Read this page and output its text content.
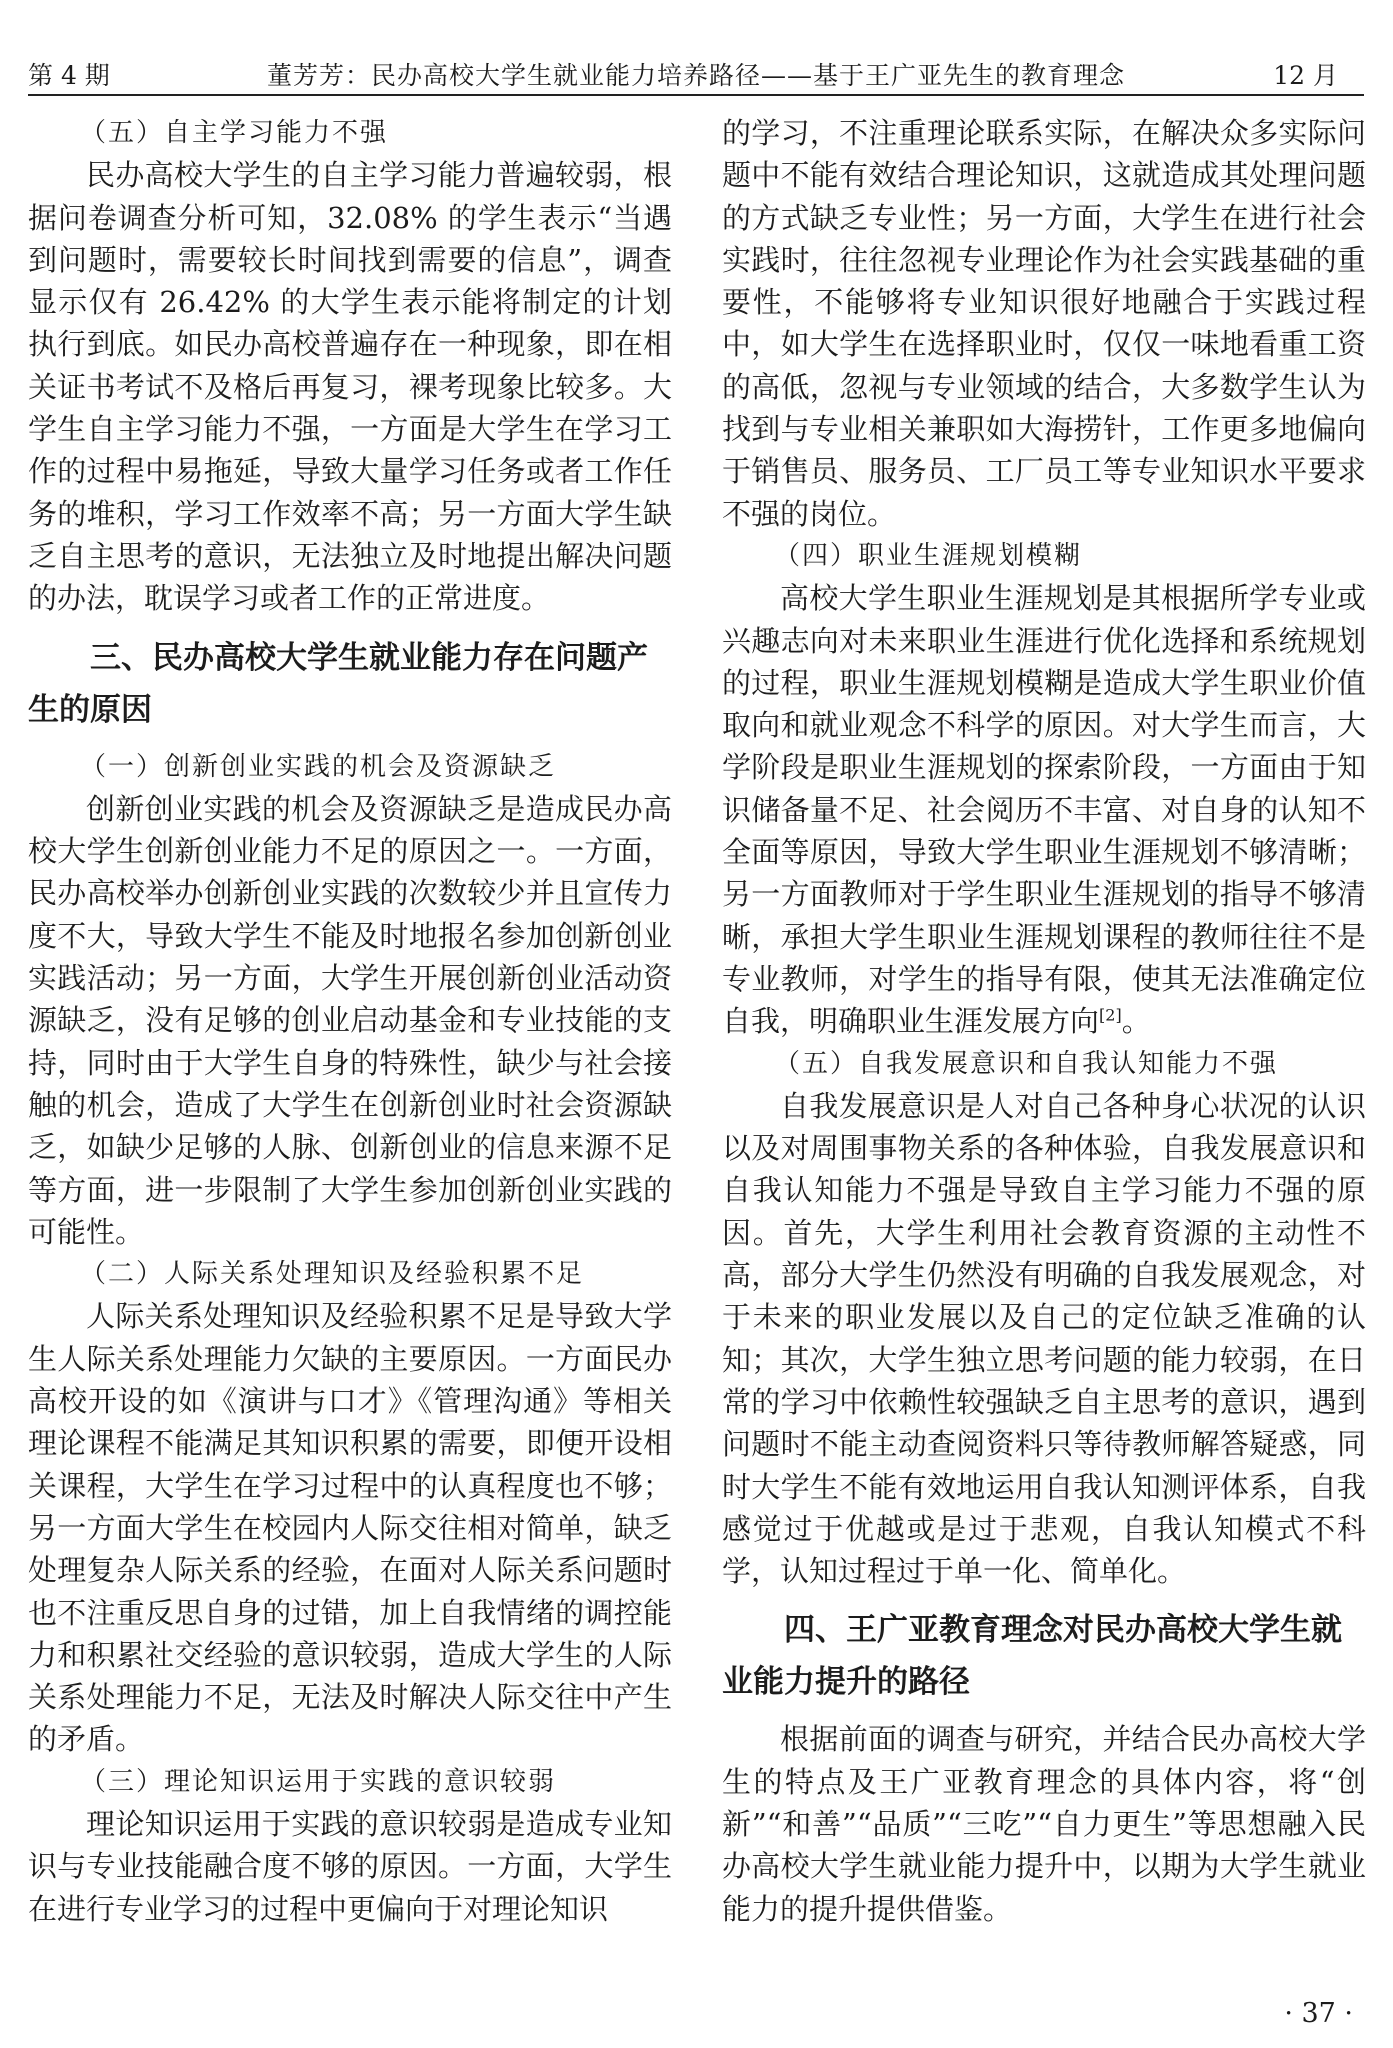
第 4 期	董芳芳：民办高校大学生就业能力培养路径——基于王广亚先生的教育理念	12 月
（五）自主学习能力不强

民办高校大学生的自主学习能力普遍较弱，根据问卷调查分析可知，32.08% 的学生表示“当遇到问题时，需要较长时间找到需要的信息”，调查显示仅有 26.42% 的大学生表示能将制定的计划执行到底。如民办高校普遍存在一种现象，即在相关证书考试不及格后再复习，裸考现象比较多。大学生自主学习能力不强，一方面是大学生在学习工作的过程中易拖延，导致大量学习任务或者工作任务的堆积，学习工作效率不高；另一方面大学生缺乏自主思考的意识，无法独立及时地提出解决问题的办法，耽误学习或者工作的正常进度。

三、民办高校大学生就业能力存在问题产生的原因
（一）创新创业实践的机会及资源缺乏

创新创业实践的机会及资源缺乏是造成民办高校大学生创新创业能力不足的原因之一。一方面，民办高校举办创新创业实践的次数较少并且宣传力度不大，导致大学生不能及时地报名参加创新创业实践活动；另一方面，大学生开展创新创业活动资源缺乏，没有足够的创业启动基金和专业技能的支持，同时由于大学生自身的特殊性，缺少与社会接触的机会，造成了大学生在创新创业时社会资源缺乏，如缺少足够的人脉、创新创业的信息来源不足等方面，进一步限制了大学生参加创新创业实践的可能性。

（二）人际关系处理知识及经验积累不足

人际关系处理知识及经验积累不足是导致大学生人际关系处理能力欠缺的主要原因。一方面民办高校开设的如《演讲与口才》《管理沟通》等相关理论课程不能满足其知识积累的需要，即便开设相关课程，大学生在学习过程中的认真程度也不够；另一方面大学生在校园内人际交往相对简单，缺乏处理复杂人际关系的经验，在面对人际关系问题时也不注重反思自身的过错，加上自我情绪的调控能力和积累社交经验的意识较弱，造成大学生的人际关系处理能力不足，无法及时解决人际交往中产生的矛盾。

（三）理论知识运用于实践的意识较弱

理论知识运用于实践的意识较弱是造成专业知识与专业技能融合度不够的原因。一方面，大学生在进行专业学习的过程中更偏向于对理论知识

的学习，不注重理论联系实际，在解决众多实际问题中不能有效结合理论知识，这就造成其处理问题的方式缺乏专业性；另一方面，大学生在进行社会实践时，往往忽视专业理论作为社会实践基础的重要性，不能够将专业知识很好地融合于实践过程中，如大学生在选择职业时，仅仅一味地看重工资的高低，忽视与专业领域的结合，大多数学生认为找到与专业相关兼职如大海捞针，工作更多地偏向于销售员、服务员、工厂员工等专业知识水平要求不强的岗位。

（四）职业生涯规划模糊

高校大学生职业生涯规划是其根据所学专业或兴趣志向对未来职业生涯进行优化选择和系统规划的过程，职业生涯规划模糊是造成大学生职业价值取向和就业观念不科学的原因。对大学生而言，大学阶段是职业生涯规划的探索阶段，一方面由于知识储备量不足、社会阅历不丰富、对自身的认知不全面等原因，导致大学生职业生涯规划不够清晰；另一方面教师对于学生职业生涯规划的指导不够清晰，承担大学生职业生涯规划课程的教师往往不是专业教师，对学生的指导有限，使其无法准确定位自我，明确职业生涯发展方向[2]。

（五）自我发展意识和自我认知能力不强

自我发展意识是人对自己各种身心状况的认识以及对周围事物关系的各种体验，自我发展意识和自我认知能力不强是导致自主学习能力不强的原因。首先，大学生利用社会教育资源的主动性不高，部分大学生仍然没有明确的自我发展观念，对于未来的职业发展以及自己的定位缺乏准确的认知；其次，大学生独立思考问题的能力较弱，在日常的学习中依赖性较强缺乏自主思考的意识，遇到问题时不能主动查阅资料只等待教师解答疑惑，同时大学生不能有效地运用自我认知测评体系，自我感觉过于优越或是过于悲观，自我认知模式不科学，认知过程过于单一化、简单化。

四、王广亚教育理念对民办高校大学生就业能力提升的路径

根据前面的调查与研究，并结合民办高校大学生的特点及王广亚教育理念的具体内容，将“创新”“和善”“品质”“三吃”“自力更生”等思想融入民办高校大学生就业能力提升中，以期为大学生就业能力的提升提供借鉴。

· 37 ·
